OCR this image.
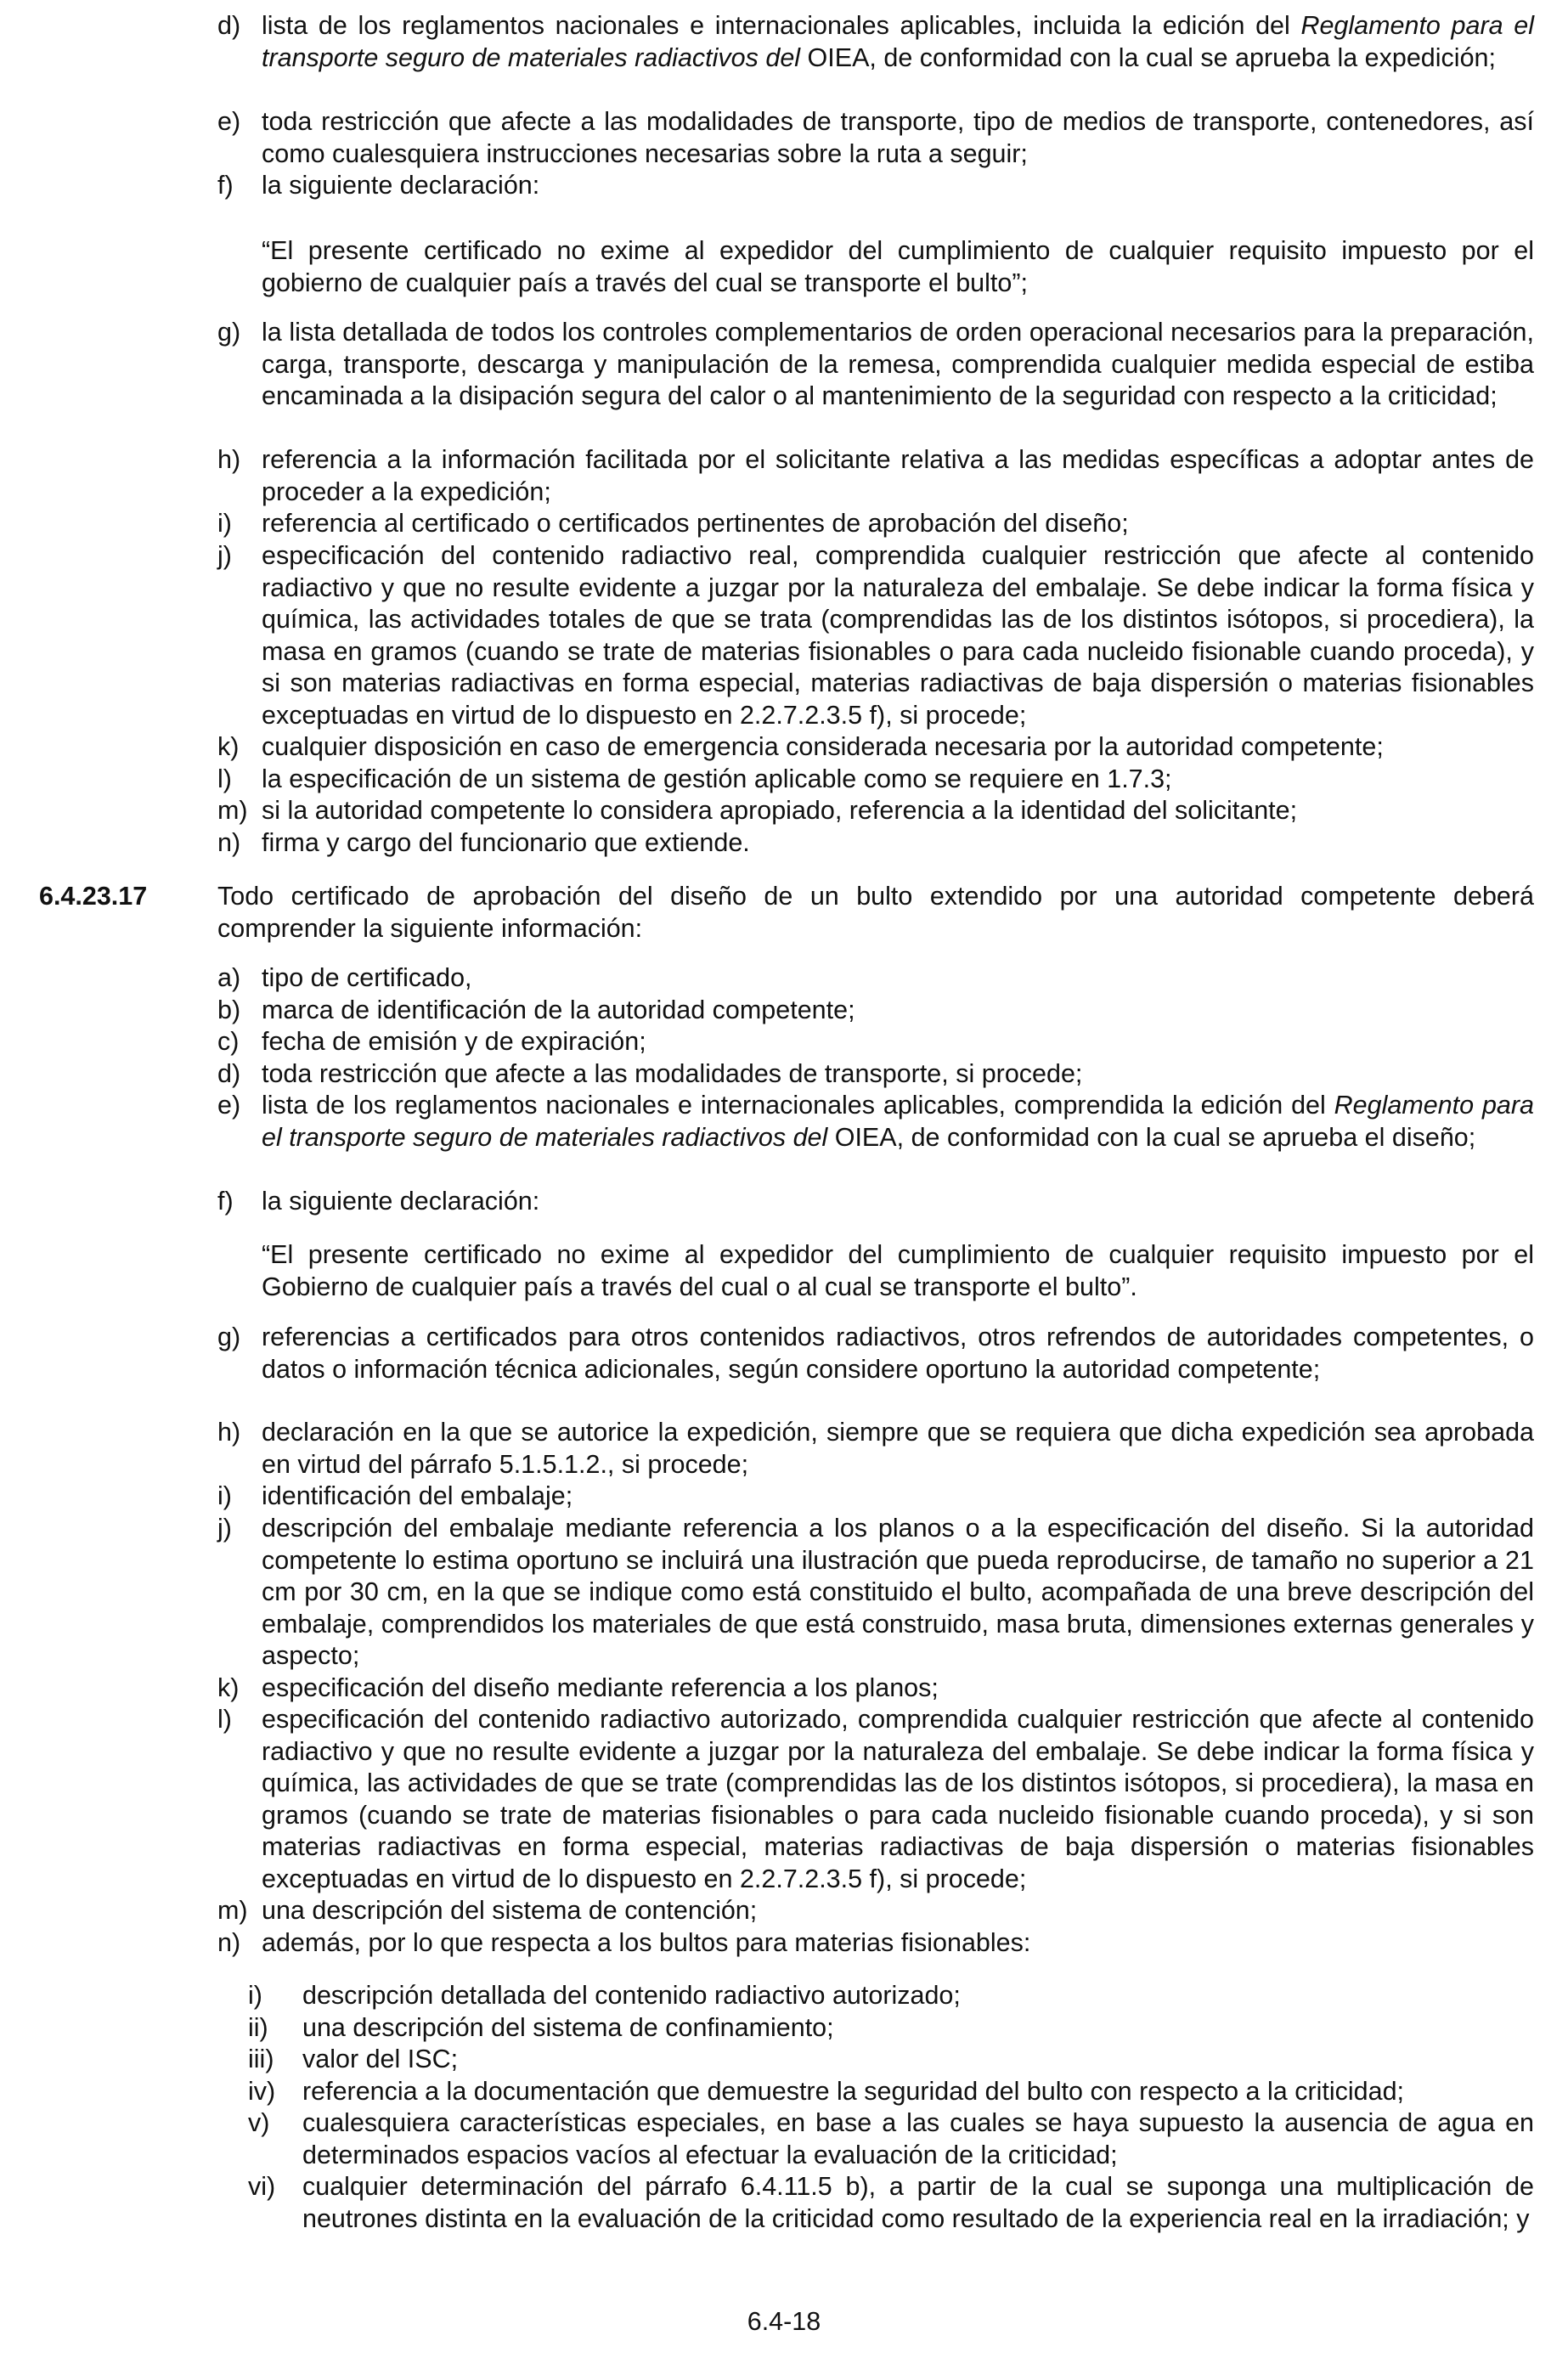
d) lista de los reglamentos nacionales e internacionales aplicables, incluida la edición del Reglamento para el transporte seguro de materiales radiactivos del OIEA, de conformidad con la cual se aprueba la expedición;
e) toda restricción que afecte a las modalidades de transporte, tipo de medios de transporte, contenedores, así como cualesquiera instrucciones necesarias sobre la ruta a seguir;
f)	la siguiente declaración:
“El presente certificado no exime al expedidor del cumplimiento de cualquier requisito impuesto por el gobierno de cualquier país a través del cual se transporte el bulto”;
g) la lista detallada de todos los controles complementarios de orden operacional necesarios para la preparación, carga, transporte, descarga y manipulación de la remesa, comprendida cualquier medida especial de estiba encaminada a la disipación segura del calor o al mantenimiento de la seguridad con respecto a la criticidad;
h) referencia a la información facilitada por el solicitante relativa a las medidas específicas a adoptar antes de proceder a la expedición;
i)	referencia al certificado o certificados pertinentes de aprobación del diseño;
j)	especificación del contenido radiactivo real, comprendida cualquier restricción que afecte al contenido radiactivo y que no resulte evidente a juzgar por la naturaleza del embalaje. Se debe indicar la forma física y química, las actividades totales de que se trata (comprendidas las de los distintos isótopos, si procediera), la masa en gramos (cuando se trate de materias fisionables o para cada nucleido fisionable cuando proceda), y si son materias radiactivas en forma especial, materias radiactivas de baja dispersión o materias fisionables exceptuadas en virtud de lo dispuesto en 2.2.7.2.3.5 f), si procede;
k) cualquier disposición en caso de emergencia considerada necesaria por la autoridad competente;
l)	la especificación de un sistema de gestión aplicable como se requiere en 1.7.3;
m) si la autoridad competente lo considera apropiado, referencia a la identidad del solicitante;
n) firma y cargo del funcionario que extiende.
6.4.23.17	Todo certificado de aprobación del diseño de un bulto extendido por una autoridad competente deberá comprender la siguiente información:
a) tipo de certificado,
b) marca de identificación de la autoridad competente;
c) fecha de emisión y de expiración;
d) toda restricción que afecte a las modalidades de transporte, si procede;
e) lista de los reglamentos nacionales e internacionales aplicables, comprendida la edición del Reglamento para el transporte seguro de materiales radiactivos del OIEA, de conformidad con la cual se aprueba el diseño;
f)	la siguiente declaración:
“El presente certificado no exime al expedidor del cumplimiento de cualquier requisito impuesto por el Gobierno de cualquier país a través del cual o al cual se transporte el bulto”.
g) referencias a certificados para otros contenidos radiactivos, otros refrendos de autoridades competentes, o datos o información técnica adicionales, según considere oportuno la autoridad competente;
h) declaración en la que se autorice la expedición, siempre que se requiera que dicha expedición sea aprobada en virtud del párrafo 5.1.5.1.2., si procede;
i)	identificación del embalaje;
j)	descripción del embalaje mediante referencia a los planos o a la especificación del diseño. Si la autoridad competente lo estima oportuno se incluirá una ilustración que pueda reproducirse, de tamaño no superior a 21 cm por 30 cm, en la que se indique como está constituido el bulto, acompañada de una breve descripción del embalaje, comprendidos los materiales de que está construido, masa bruta, dimensiones externas generales y aspecto;
k) especificación del diseño mediante referencia a los planos;
l)	especificación del contenido radiactivo autorizado, comprendida cualquier restricción que afecte al contenido radiactivo y que no resulte evidente a juzgar por la naturaleza del embalaje. Se debe indicar la forma física y química, las actividades de que se trate (comprendidas las de los distintos isótopos, si procediera), la masa en gramos (cuando se trate de materias fisionables o para cada nucleido fisionable cuando proceda), y si son materias radiactivas en forma especial, materias radiactivas de baja dispersión o materias fisionables exceptuadas en virtud de lo dispuesto en 2.2.7.2.3.5 f), si procede;
m) una descripción del sistema de contención;
n) además, por lo que respecta a los bultos para materias fisionables:
i)	descripción detallada del contenido radiactivo autorizado;
ii)	una descripción del sistema de confinamiento;
iii)	valor del ISC;
iv)	referencia a la documentación que demuestre la seguridad del bulto con respecto a la criticidad;
v)	cualesquiera características especiales, en base a las cuales se haya supuesto la ausencia de agua en determinados espacios vacíos al efectuar la evaluación de la criticidad;
vi)	cualquier determinación del párrafo 6.4.11.5 b), a partir de la cual se suponga una multiplicación de neutrones distinta en la evaluación de la criticidad como resultado de la experiencia real en la irradiación; y
6.4-18
